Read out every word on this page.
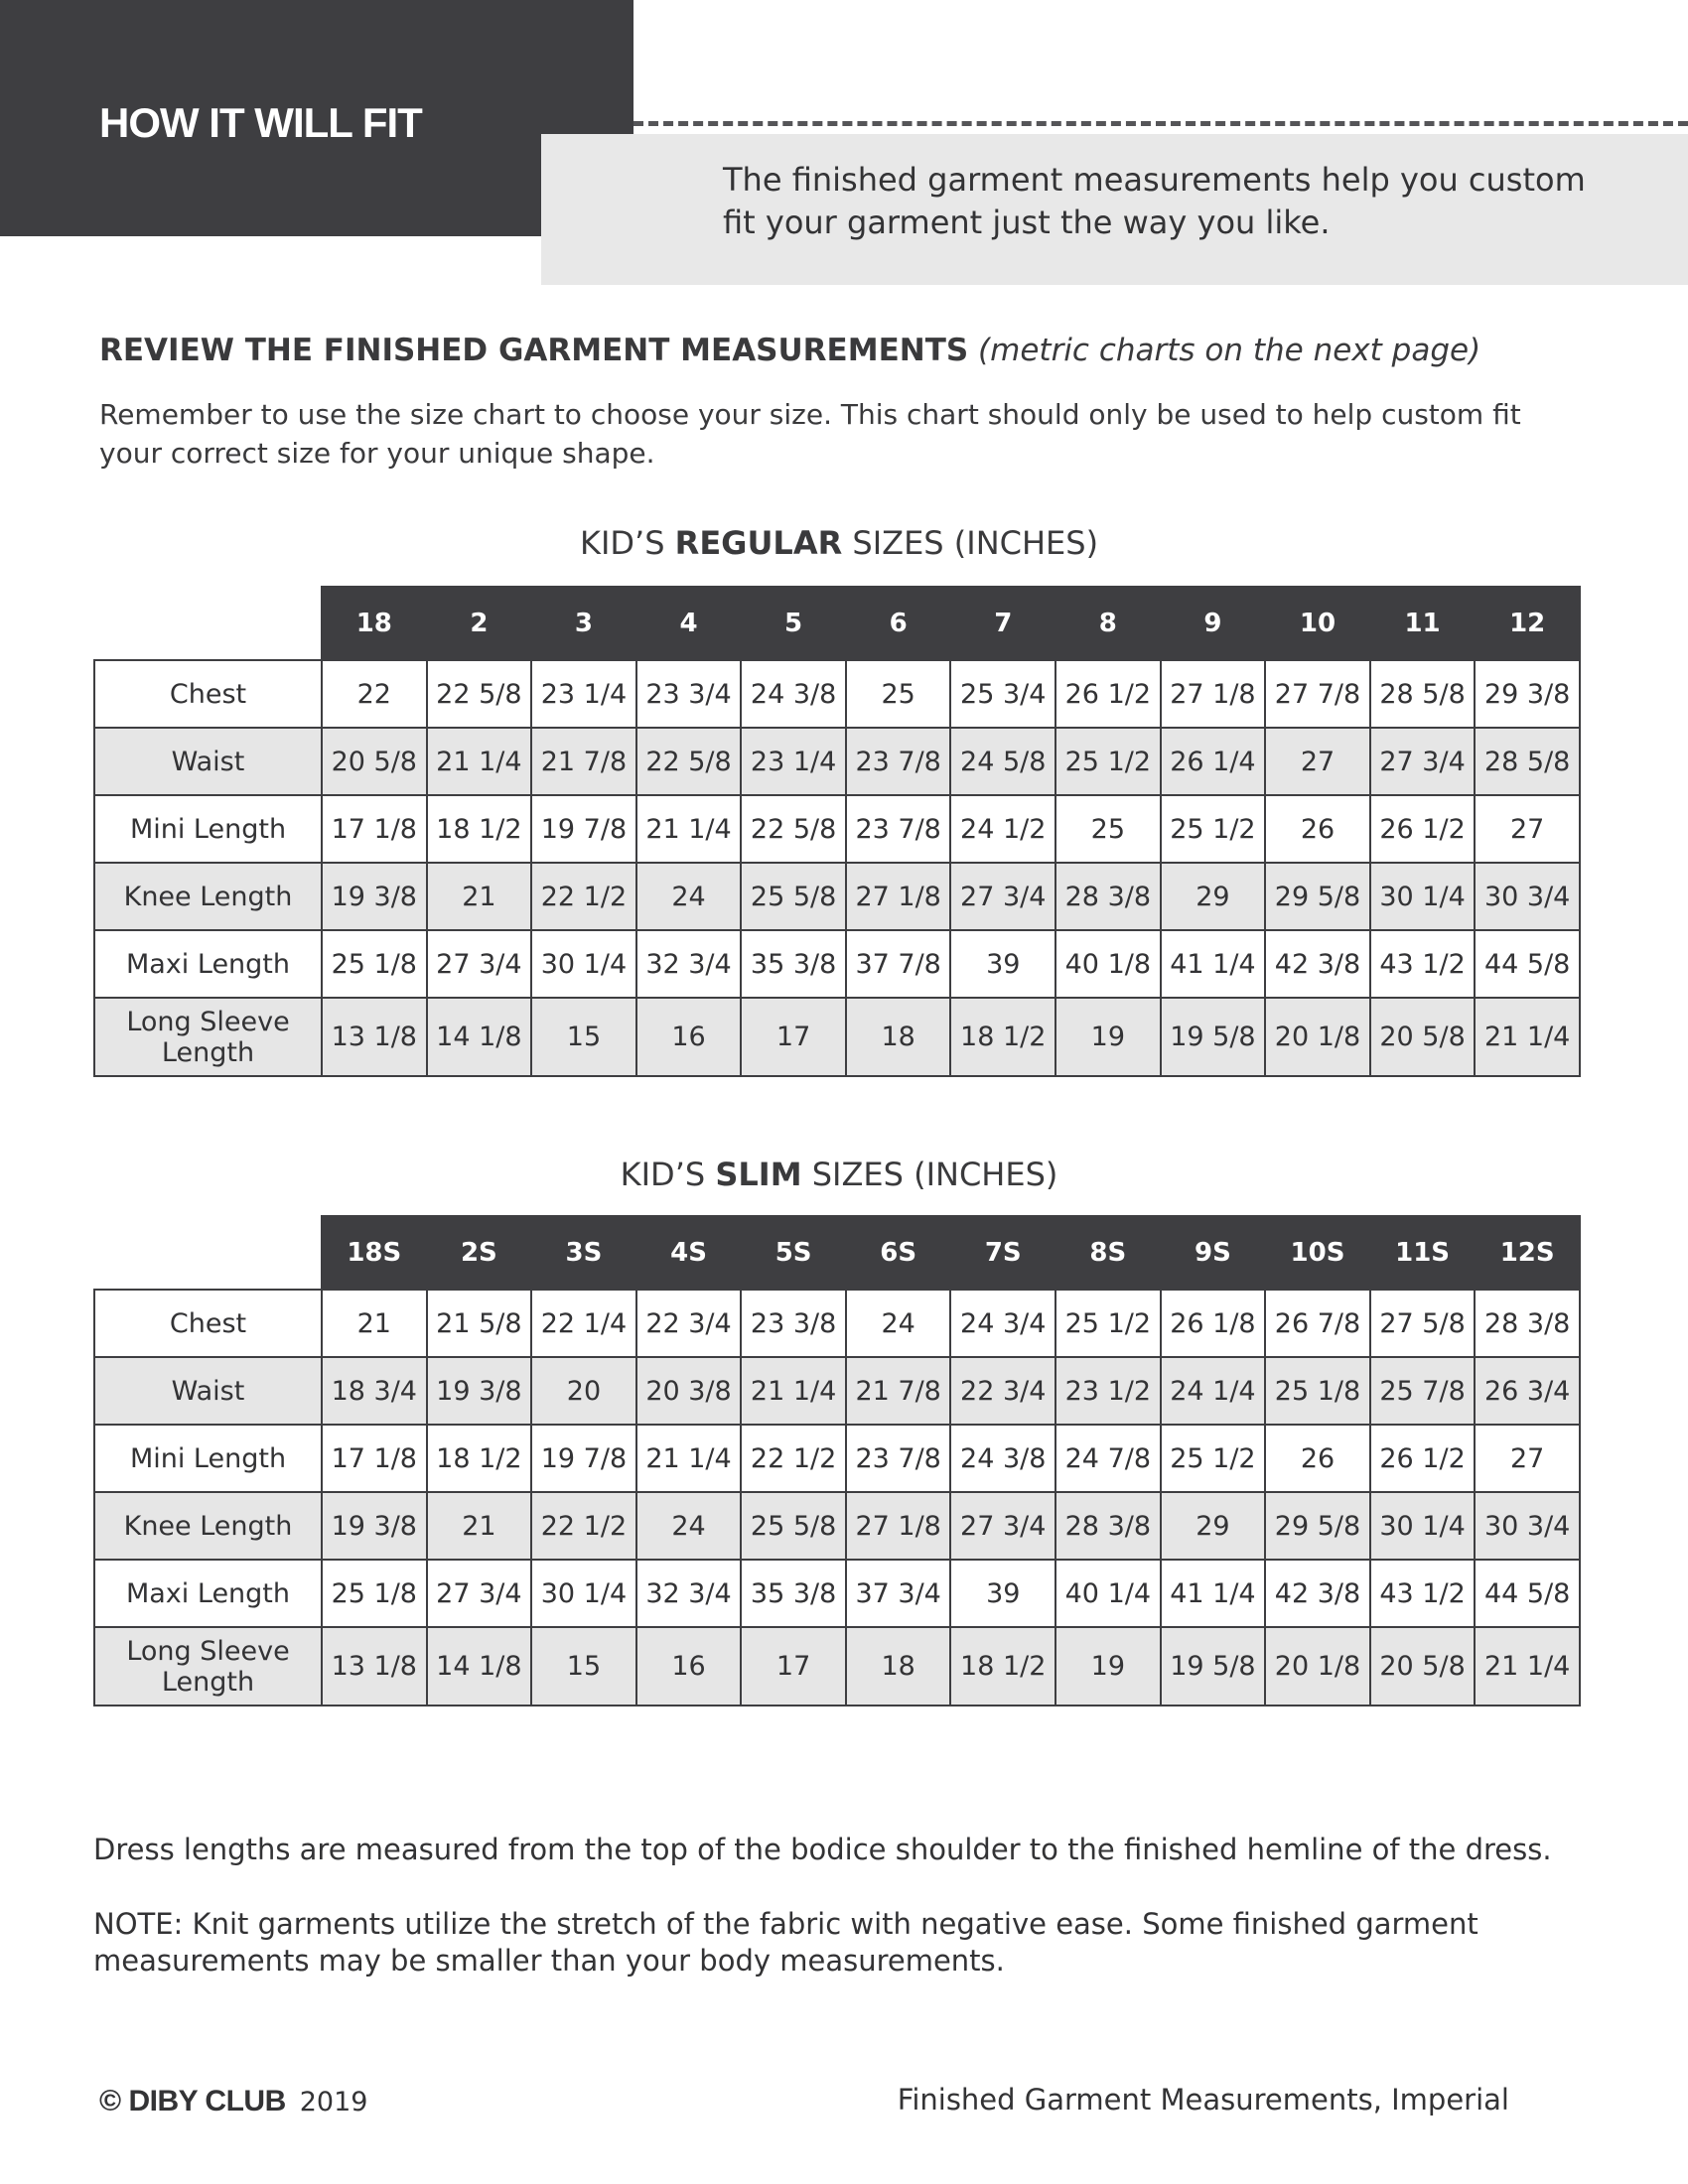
HOW IT WILL FIT

The finished garment measurements help you custom fit your garment just the way you like.

REVIEW THE FINISHED GARMENT MEASUREMENTS (metric charts on the next page)

Remember to use the size chart to choose your size. This chart should only be used to help custom fit your correct size for your unique shape.

KID’S REGULAR SIZES (INCHES)

	18	2	3	4	5	6	7	8	9	10	11	12
Chest	22	22 5/8	23 1/4	23 3/4	24 3/8	25	25 3/4	26 1/2	27 1/8	27 7/8	28 5/8	29 3/8
Waist	20 5/8	21 1/4	21 7/8	22 5/8	23 1/4	23 7/8	24 5/8	25 1/2	26 1/4	27	27 3/4	28 5/8
Mini Length	17 1/8	18 1/2	19 7/8	21 1/4	22 5/8	23 7/8	24 1/2	25	25 1/2	26	26 1/2	27
Knee Length	19 3/8	21	22 1/2	24	25 5/8	27 1/8	27 3/4	28 3/8	29	29 5/8	30 1/4	30 3/4
Maxi Length	25 1/8	27 3/4	30 1/4	32 3/4	35 3/8	37 7/8	39	40 1/8	41 1/4	42 3/8	43 1/2	44 5/8
Long Sleeve Length	13 1/8	14 1/8	15	16	17	18	18 1/2	19	19 5/8	20 1/8	20 5/8	21 1/4

KID’S SLIM SIZES (INCHES)

	18S	2S	3S	4S	5S	6S	7S	8S	9S	10S	11S	12S
Chest	21	21 5/8	22 1/4	22 3/4	23 3/8	24	24 3/4	25 1/2	26 1/8	26 7/8	27 5/8	28 3/8
Waist	18 3/4	19 3/8	20	20 3/8	21 1/4	21 7/8	22 3/4	23 1/2	24 1/4	25 1/8	25 7/8	26 3/4
Mini Length	17 1/8	18 1/2	19 7/8	21 1/4	22 1/2	23 7/8	24 3/8	24 7/8	25 1/2	26	26 1/2	27
Knee Length	19 3/8	21	22 1/2	24	25 5/8	27 1/8	27 3/4	28 3/8	29	29 5/8	30 1/4	30 3/4
Maxi Length	25 1/8	27 3/4	30 1/4	32 3/4	35 3/8	37 3/4	39	40 1/4	41 1/4	42 3/8	43 1/2	44 5/8
Long Sleeve Length	13 1/8	14 1/8	15	16	17	18	18 1/2	19	19 5/8	20 1/8	20 5/8	21 1/4

Dress lengths are measured from the top of the bodice shoulder to the finished hemline of the dress.

NOTE: Knit garments utilize the stretch of the fabric with negative ease. Some finished garment measurements may be smaller than your body measurements.

© DIBY CLUB 2019	Finished Garment Measurements, Imperial
